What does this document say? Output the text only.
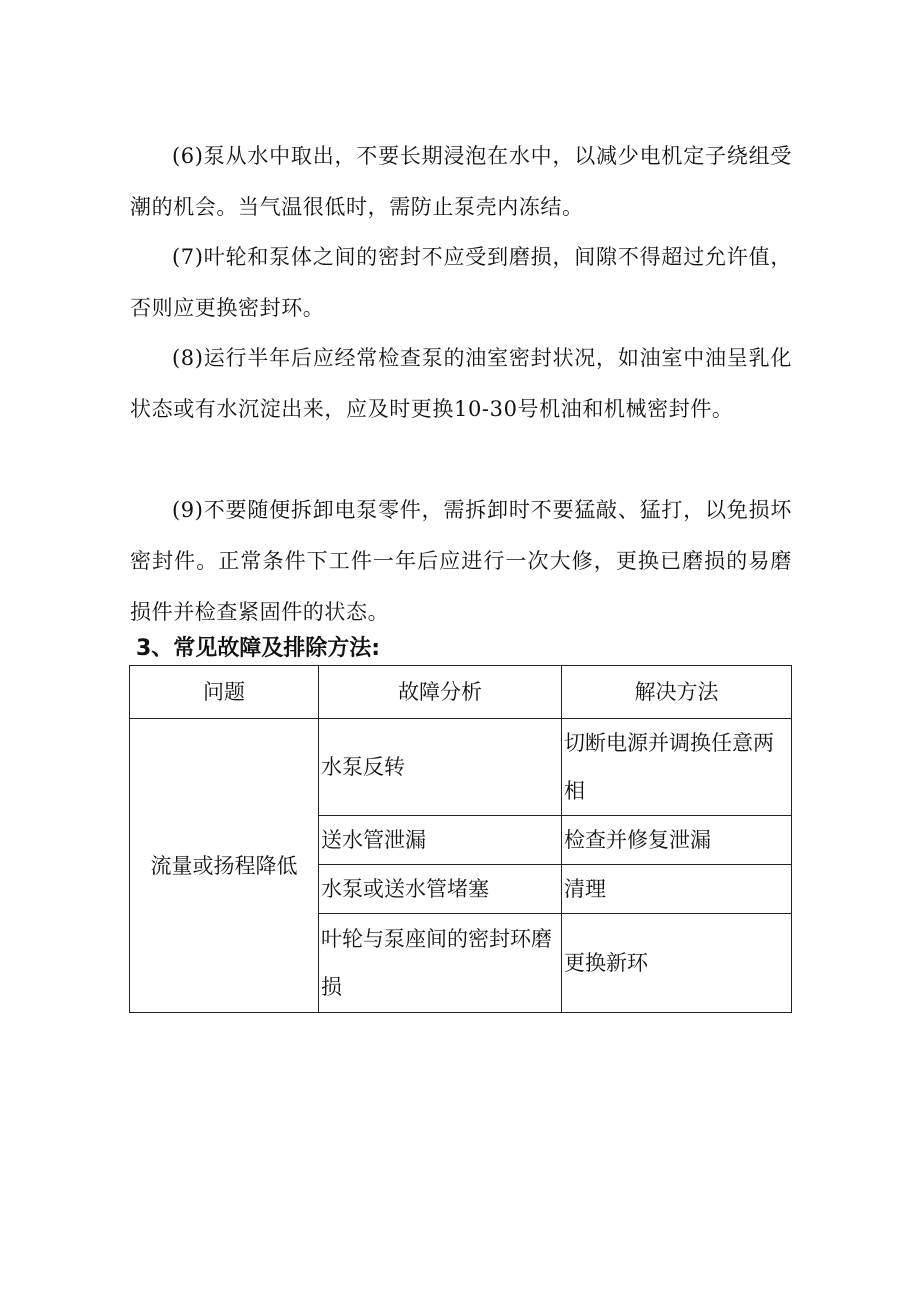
(6)泵从水中取出，不要长期浸泡在水中，以减少电机定子绕组受潮的机会。当气温很低时，需防止泵壳内冻结。

(7)叶轮和泵体之间的密封不应受到磨损，间隙不得超过允许值，否则应更换密封环。

(8)运行半年后应经常检查泵的油室密封状况，如油室中油呈乳化状态或有水沉淀出来，应及时更换10-30号机油和机械密封件。

(9)不要随便拆卸电泵零件，需拆卸时不要猛敲、猛打，以免损坏密封件。正常条件下工件一年后应进行一次大修，更换已磨损的易磨损件并检查紧固件的状态。

3、常见故障及排除方法:
问题	故障分析	解决方法
流量或扬程降低	水泵反转	切断电源并调换任意两相
	送水管泄漏	检查并修复泄漏
	水泵或送水管堵塞	清理
	叶轮与泵座间的密封环磨损	更换新环
